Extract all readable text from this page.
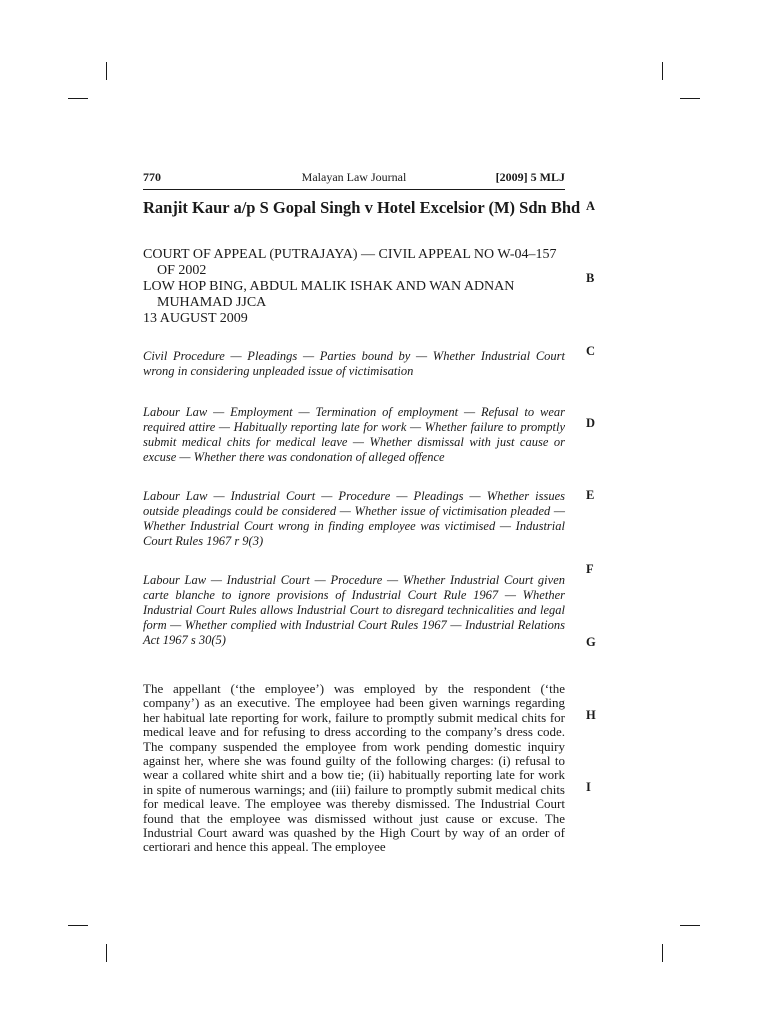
770	Malayan Law Journal	[2009] 5 MLJ
Ranjit Kaur a/p S Gopal Singh v Hotel Excelsior (M) Sdn Bhd
COURT OF APPEAL (PUTRAJAYA) — CIVIL APPEAL NO W-04–157 OF 2002
LOW HOP BING, ABDUL MALIK ISHAK AND WAN ADNAN MUHAMAD JJCA
13 AUGUST 2009
Civil Procedure — Pleadings — Parties bound by — Whether Industrial Court wrong in considering unpleaded issue of victimisation
Labour Law — Employment — Termination of employment — Refusal to wear required attire — Habitually reporting late for work — Whether failure to promptly submit medical chits for medical leave — Whether dismissal with just cause or excuse — Whether there was condonation of alleged offence
Labour Law — Industrial Court — Procedure — Pleadings — Whether issues outside pleadings could be considered — Whether issue of victimisation pleaded — Whether Industrial Court wrong in finding employee was victimised — Industrial Court Rules 1967 r 9(3)
Labour Law — Industrial Court — Procedure — Whether Industrial Court given carte blanche to ignore provisions of Industrial Court Rule 1967 — Whether Industrial Court Rules allows Industrial Court to disregard technicalities and legal form — Whether complied with Industrial Court Rules 1967 — Industrial Relations Act 1967 s 30(5)
The appellant (‘the employee’) was employed by the respondent (‘the company’) as an executive. The employee had been given warnings regarding her habitual late reporting for work, failure to promptly submit medical chits for medical leave and for refusing to dress according to the company’s dress code. The company suspended the employee from work pending domestic inquiry against her, where she was found guilty of the following charges: (i) refusal to wear a collared white shirt and a bow tie; (ii) habitually reporting late for work in spite of numerous warnings; and (iii) failure to promptly submit medical chits for medical leave. The employee was thereby dismissed. The Industrial Court found that the employee was dismissed without just cause or excuse. The Industrial Court award was quashed by the High Court by way of an order of certiorari and hence this appeal. The employee
A
B
C
D
E
F
G
H
I
